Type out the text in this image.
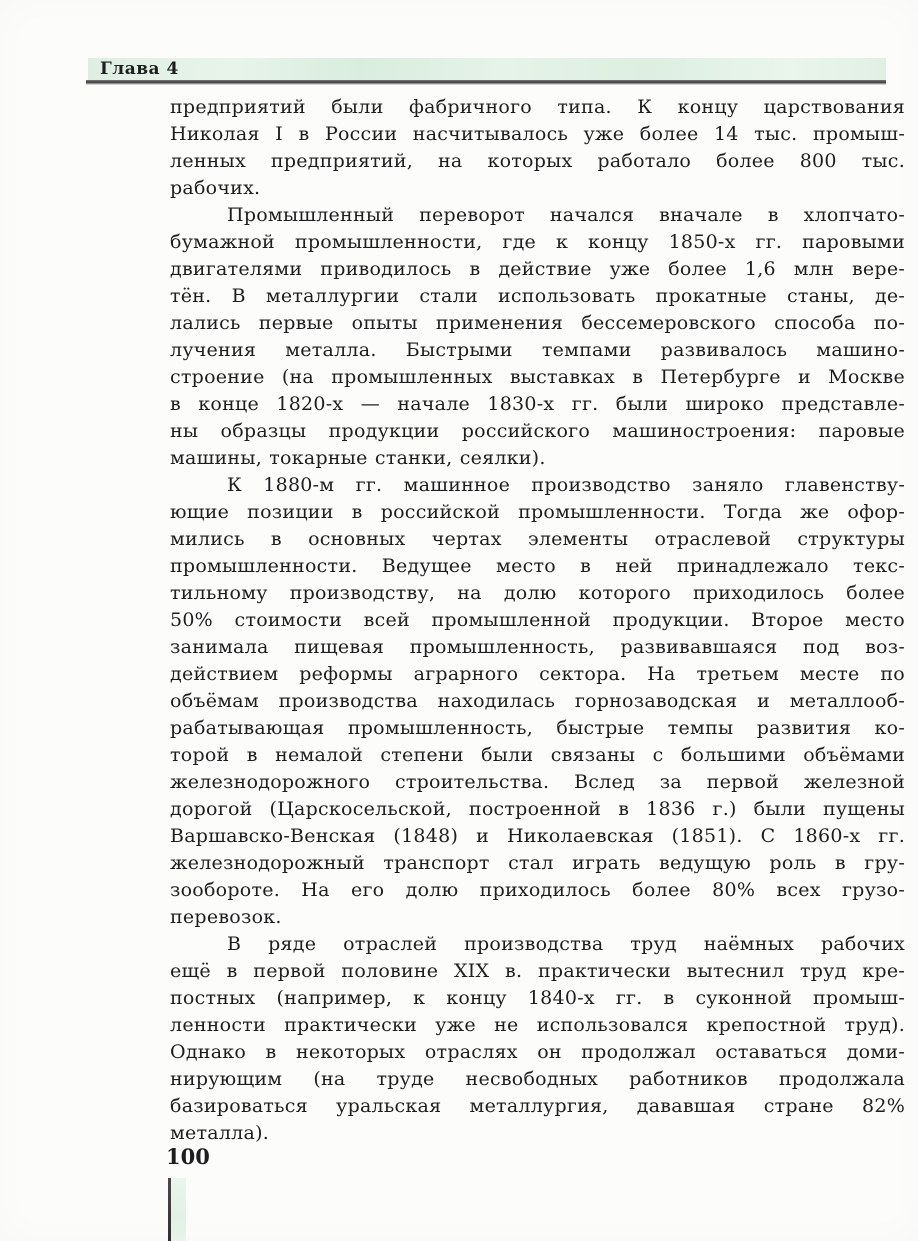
Глава 4
предприятий были фабричного типа. К концу царствования
Николая I в России насчитывалось уже более 14 тыс. промыш-
ленных предприятий, на которых работало более 800 тыс.
рабочих.
Промышленный переворот начался вначале в хлопчато-
бумажной промышленности, где к концу 1850-х гг. паровыми
двигателями приводилось в действие уже более 1,6 млн вере-
тён. В металлургии стали использовать прокатные станы, де-
лались первые опыты применения бессемеровского способа по-
лучения металла. Быстрыми темпами развивалось машино-
строение (на промышленных выставках в Петербурге и Москве
в конце 1820-х — начале 1830-х гг. были широко представле-
ны образцы продукции российского машиностроения: паровые
машины, токарные станки, сеялки).
К 1880-м гг. машинное производство заняло главенству-
ющие позиции в российской промышленности. Тогда же офор-
мились в основных чертах элементы отраслевой структуры
промышленности. Ведущее место в ней принадлежало текс-
тильному производству, на долю которого приходилось более
50% стоимости всей промышленной продукции. Второе место
занимала пищевая промышленность, развивавшаяся под воз-
действием реформы аграрного сектора. На третьем месте по
объёмам производства находилась горнозаводская и металлооб-
рабатывающая промышленность, быстрые темпы развития ко-
торой в немалой степени были связаны с большими объёмами
железнодорожного строительства. Вслед за первой железной
дорогой (Царскосельской, построенной в 1836 г.) были пущены
Варшавско-Венская (1848) и Николаевская (1851). С 1860-х гг.
железнодорожный транспорт стал играть ведущую роль в гру-
зообороте. На его долю приходилось более 80% всех грузо-
перевозок.
В ряде отраслей производства труд наёмных рабочих
ещё в первой половине XIX в. практически вытеснил труд кре-
постных (например, к концу 1840-х гг. в суконной промыш-
ленности практически уже не использовался крепостной труд).
Однако в некоторых отраслях он продолжал оставаться доми-
нирующим (на труде несвободных работников продолжала
базироваться уральская металлургия, дававшая стране 82%
металла).
100
